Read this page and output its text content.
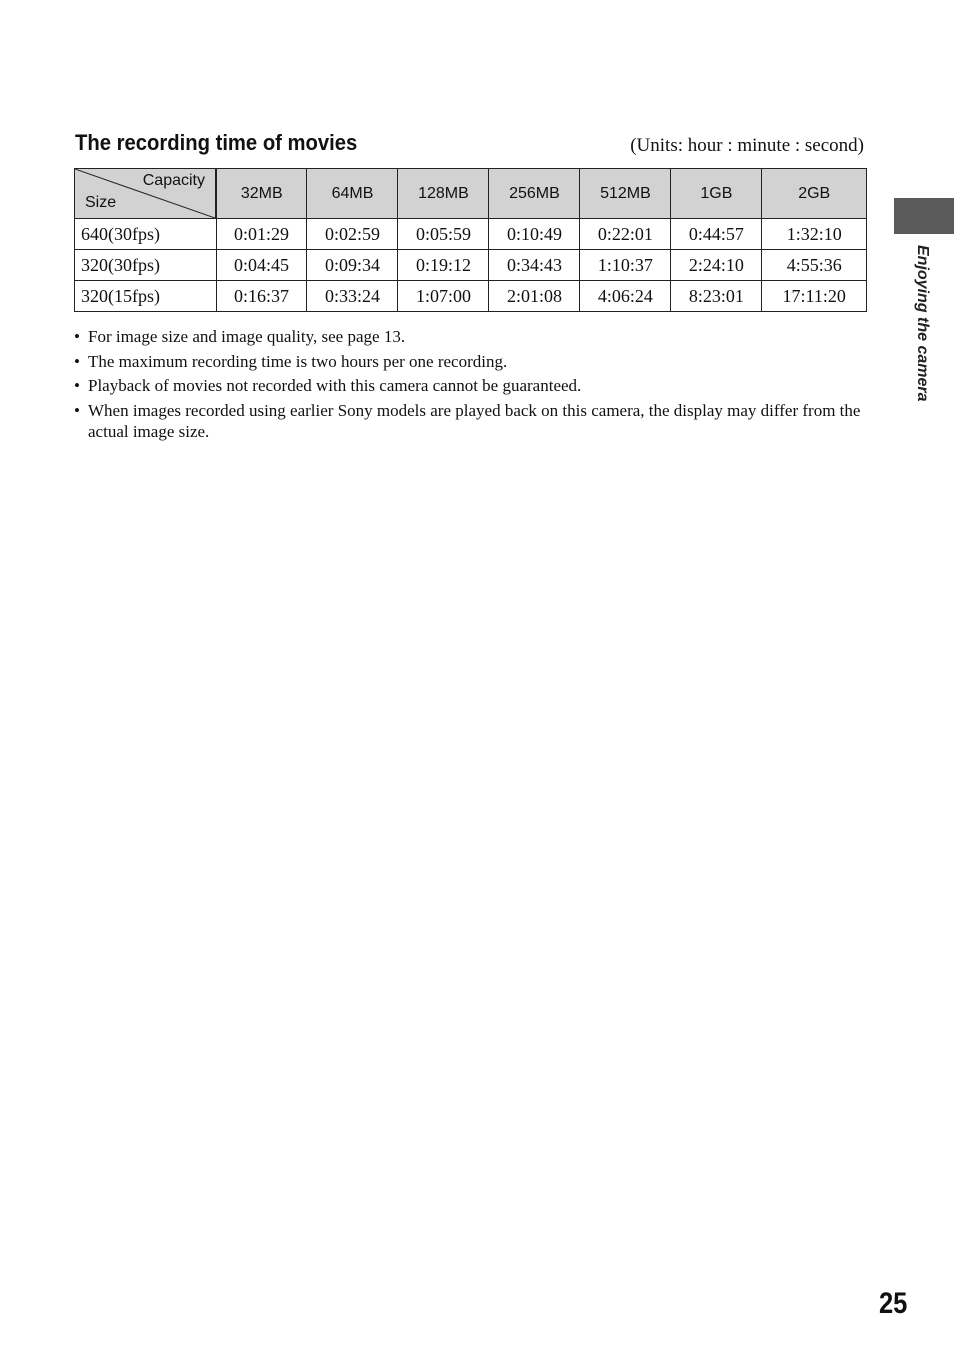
The recording time of movies	(Units: hour : minute : second)
Capacity
Size	32MB	64MB	128MB	256MB	512MB	1GB	2GB
640(30fps)	0:01:29	0:02:59	0:05:59	0:10:49	0:22:01	0:44:57	1:32:10
320(30fps)	0:04:45	0:09:34	0:19:12	0:34:43	1:10:37	2:24:10	4:55:36
320(15fps)	0:16:37	0:33:24	1:07:00	2:01:08	4:06:24	8:23:01	17:11:20
• For image size and image quality, see page 13.
• The maximum recording time is two hours per one recording.
• Playback of movies not recorded with this camera cannot be guaranteed.
• When images recorded using earlier Sony models are played back on this camera, the display may differ from the actual image size.
Enjoying the camera
25
